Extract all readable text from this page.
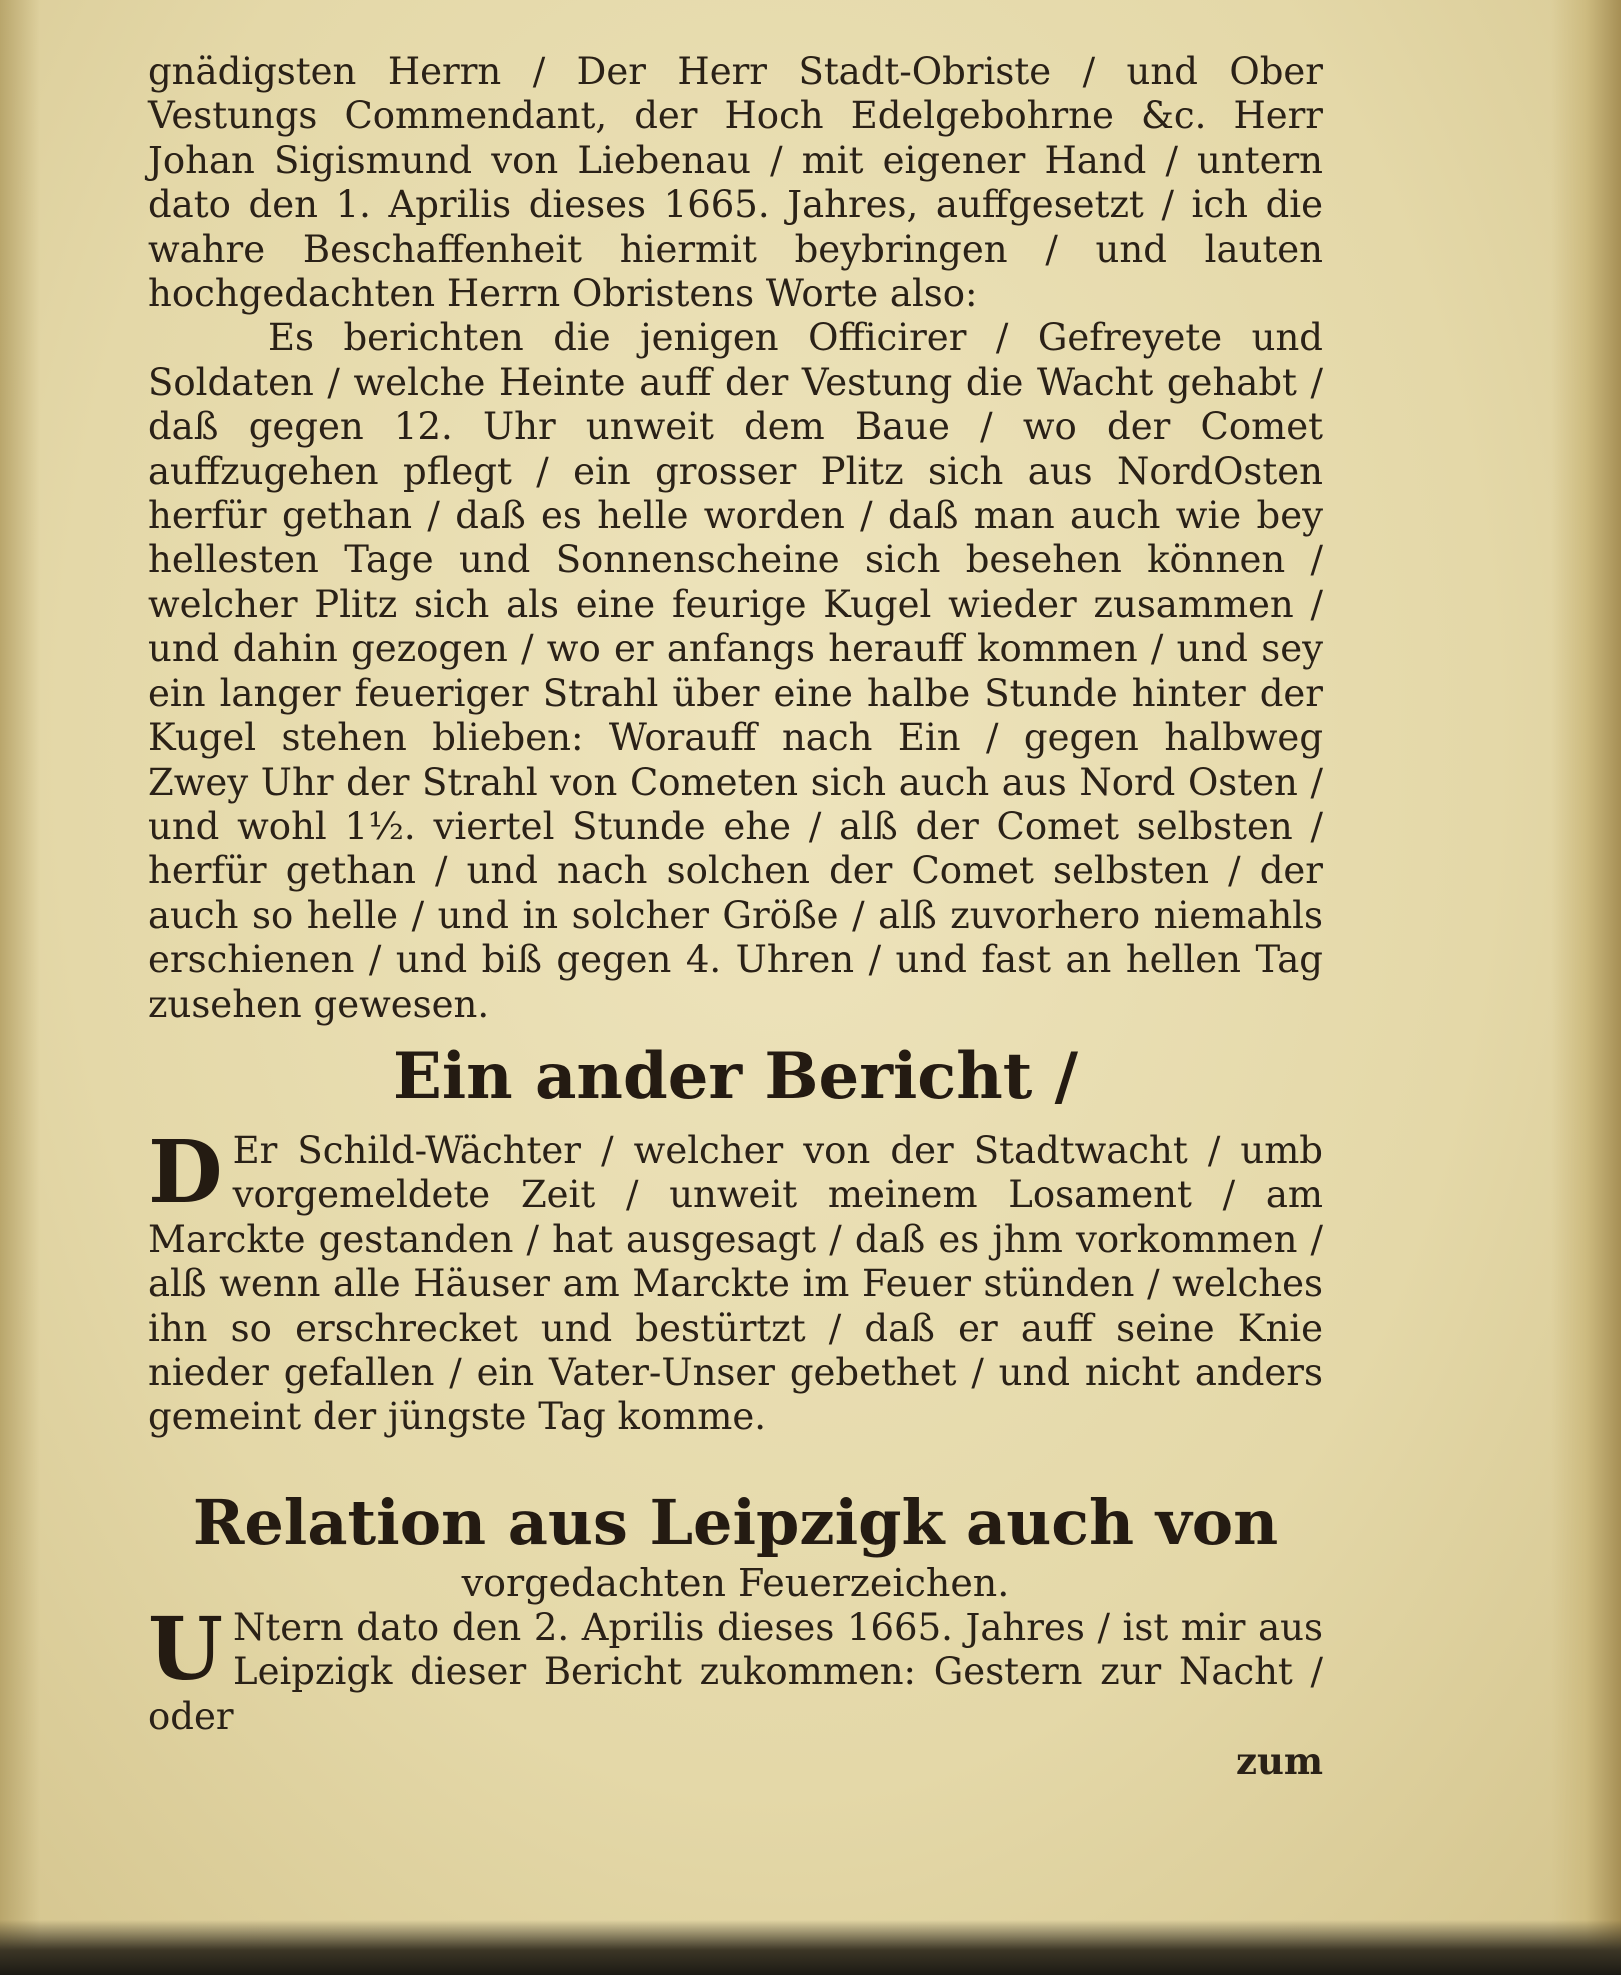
gnädigsten Herrn / Der Herr Stadt-Obriste / und Ober Vestungs Commendant, der Hoch Edelgebohrne &c. Herr Johan Sigismund von Liebenau / mit eigener Hand / untern dato den 1. Aprilis dieses 1665. Jahres, auffgesetzt / ich die wahre Beschaffenheit hiermit beybringen / und lauten hochgedachten Herrn Obristens Worte also:

Es berichten die jenigen Officirer / Gefreyete und Soldaten / welche Heinte auff der Vestung die Wacht gehabt / daß gegen 12. Uhr unweit dem Baue / wo der Comet auffzugehen pflegt / ein grosser Plitz sich aus NordOsten herfür gethan / daß es helle worden / daß man auch wie bey hellesten Tage und Sonnenscheine sich besehen können / welcher Plitz sich als eine feurige Kugel wieder zusammen / und dahin gezogen / wo er anfangs herauff kommen / und sey ein langer feueriger Strahl über eine halbe Stunde hinter der Kugel stehen blieben: Worauff nach Ein / gegen halbweg Zwey Uhr der Strahl von Cometen sich auch aus Nord Osten / und wohl 1½. viertel Stunde ehe / alß der Comet selbsten / herfür gethan / und nach solchen der Comet selbsten / der auch so helle / und in solcher Größe / alß zuvorhero niemahls erschienen / und biß gegen 4. Uhren / und fast an hellen Tag zusehen gewesen.

Ein ander Bericht /

D Er Schild-Wächter / welcher von der Stadtwacht / umb vorgemeldete Zeit / unweit meinem Losament / am Marckte gestanden / hat ausgesagt / daß es jhm vorkommen / alß wenn alle Häuser am Marckte im Feuer stünden / welches ihn so erschrecket und bestürtzt / daß er auff seine Knie nieder gefallen / ein Vater-Unser gebethet / und nicht anders gemeint der jüngste Tag komme.

Relation aus Leipzigk auch von

vorgedachten Feuerzeichen.

U Ntern dato den 2. Aprilis dieses 1665. Jahres / ist mir aus Leipzigk dieser Bericht zukommen: Gestern zur Nacht / oder

zum
